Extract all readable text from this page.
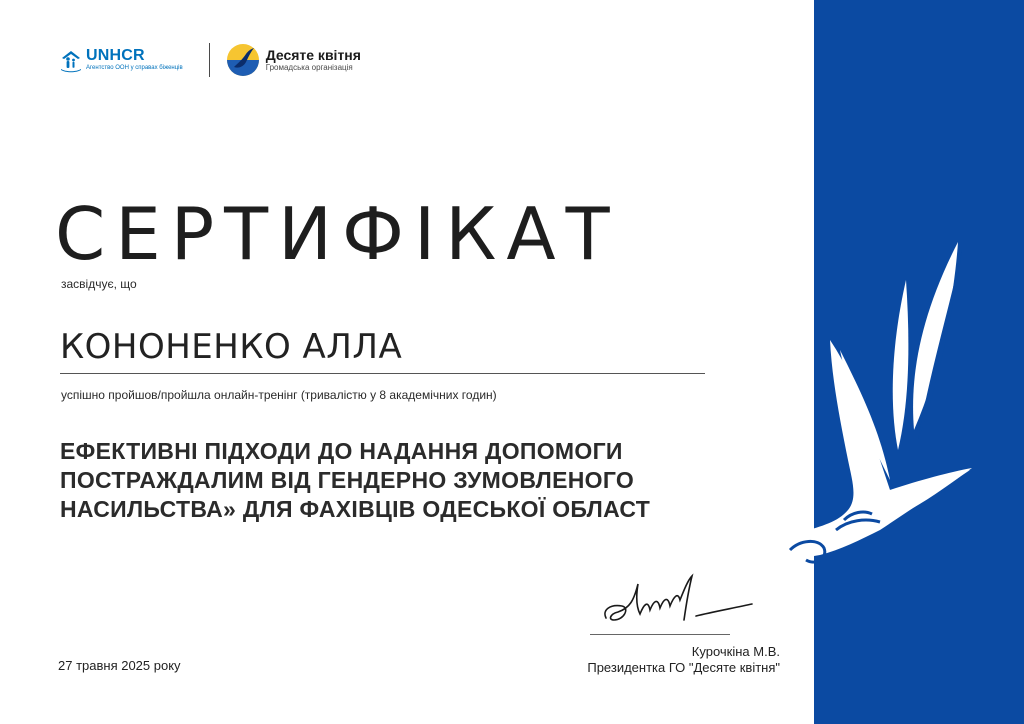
UNHCR
Агентство ООН у справах біженців
Десяте квітня
Громадська організація
СЕРТИФІКАТ
засвідчує, що
КОНОНЕНКО АЛЛА
успішно пройшов/пройшла онлайн-тренінг (тривалістю у 8 академічних годин)
ЕФЕКТИВНІ ПІДХОДИ ДО НАДАННЯ ДОПОМОГИ
ПОСТРАЖДАЛИМ ВІД ГЕНДЕРНО ЗУМОВЛЕНОГО
НАСИЛЬСТВА» ДЛЯ ФАХІВЦІВ ОДЕСЬКОЇ ОБЛАСТ
27 травня 2025 року
Курочкіна М.В.
Президентка ГО "Десяте квітня"
